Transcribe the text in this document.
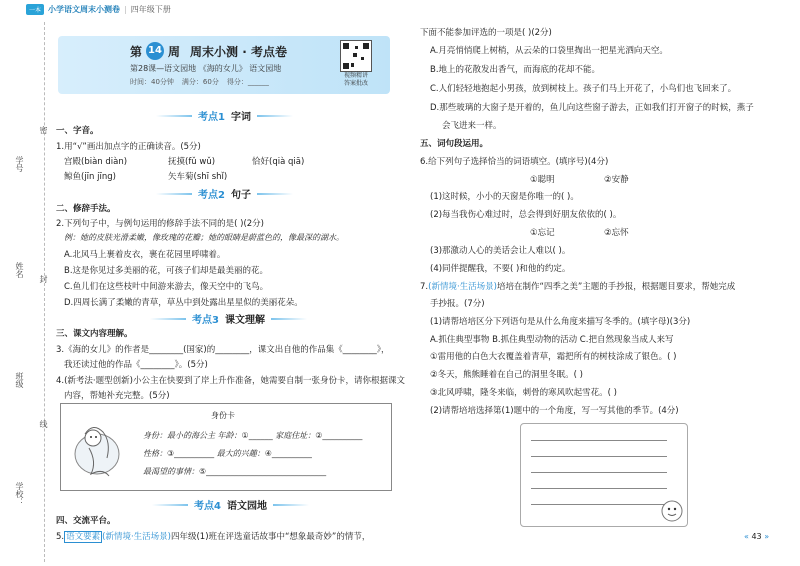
一本 小学语文周末小测卷 | 四年级下册
密
封
线
学号
姓名
班级
学校：
第 14 周 周末小测 · 考点卷
第28课—语文园地 《海的女儿》 语文园地
时间：40分钟 满分：60分 得分：______
视频精讲
答案批改
考点1 字词
一、字音。
1.用“√”画出加点字的正确读音。(5分)
宫殿(biàn diàn)	抚摸(fǔ wǔ)	恰好(qià qiā)
鲸鱼(jīn jīng)	矢车菊(shī shǐ)
考点2 句子
二、修辞手法。
2.下列句子中，与例句运用的修辞手法不同的是( )(2分)
例：她的皮肤光滑柔嫩，像玫瑰的花瓣；她的眼睛是蔚蓝色的，像最深的湖水。
A.北风马上裹着皮衣，裹在花园里呼啸着。
B.这是你见过多美丽的花，可孩子们却是最美丽的花。
C.鱼儿们在这些枝叶中间游来游去，像天空中的飞鸟。
D.四周长满了柔嫩的青草，草丛中到处露出星星似的美丽花朵。
考点3 课文理解
三、课文内容理解。
3.《海的女儿》的作者是________(国家)的________，课文出自他的作品集《________》，
我还读过他的作品《________》。(5分)
4.(新考法·题型创新)小公主在快要到了岸上升作准备，她需要自制一张身份卡，请你根据课文
内容，帮她补充完整。(5分)
身份卡
身份：最小的海公主 年龄：①______ 家庭住址：②__________
性格：③__________ 最大的兴趣：④__________
最渴望的事情：⑤______________________________
考点4 语文园地
四、交流平台。
5. 语文要素 (新情境·生活场景)四年级(1)班在评选童话故事中“想象最奇妙”的情节，
下面不能参加评选的一项是( )(2分)
A.月亮悄悄爬上树梢，从云朵的口袋里掏出一把星光洒向天空。
B.地上的花散发出香气，而海底的花却不能。
C.人们轻轻地抱起小男孩，放到树枝上。孩子们马上开花了，小鸟们也飞回来了。
D.那些玻璃的大窗子是开着的，鱼儿向这些窗子游去，正如我们打开窗子的时候，燕子
会飞进来一样。
五、词句段运用。
6.给下列句子选择恰当的词语填空。(填序号)(4分)
①聪明	②安静
(1)这时候，小小的天窗是你唯一的( )。
(2)每当我伤心难过时，总会得到好朋友依依的( )。
①忘记	②忘怀
(3)那激动人心的美话会让人难以( )。
(4)同伴提醒我，不要( )和他的约定。
7.(新情境·生活场景)培培在制作“四季之美”主题的手抄报，根据题目要求，帮她完成
手抄报。(7分)
(1)请帮培培区分下列语句是从什么角度来描写冬季的。(填字母)(3分)
A.抓住典型事物 B.抓住典型动物的活动 C.把自然现象当成人来写
①雷用他的白色大衣覆盖着青草，霜把所有的树枝涂成了银色。( )
②冬天，熊熊睡着在自己的洞里冬眠。( )
③北风呼啸，隆冬来临，刺骨的寒风吹起雪花。( )
(2)请帮培培选择第(1)题中的一个角度，写一写其他的季节。(4分)
« 43 »
